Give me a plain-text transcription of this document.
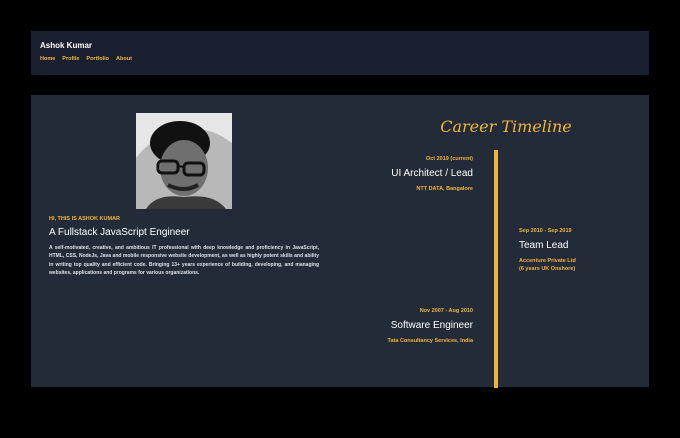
Ashok Kumar
Home Profile Portfolio About
HI, THIS IS ASHOK KUMAR
A Fullstack JavaScript Engineer
A self-motivated, creative, and ambitious IT professional with deep knowledge and proficiency in JavaScript, HTML, CSS, NodeJs, Java and mobile responsive website development, as well as highly potent skills and ability in writing top quality and efficient code. Bringing 13+ years experience of building, developing, and managing websites, applications and programs for various organizations.
Career Timeline
Oct 2019 (current)
UI Architect / Lead
NTT DATA, Bangalore
Sep 2010 - Sep 2019
Team Lead
Accenture Private Ltd
(6 years UK Onshore)
Nov 2007 - Aug 2010
Software Engineer
Tata Consultancy Services, India
